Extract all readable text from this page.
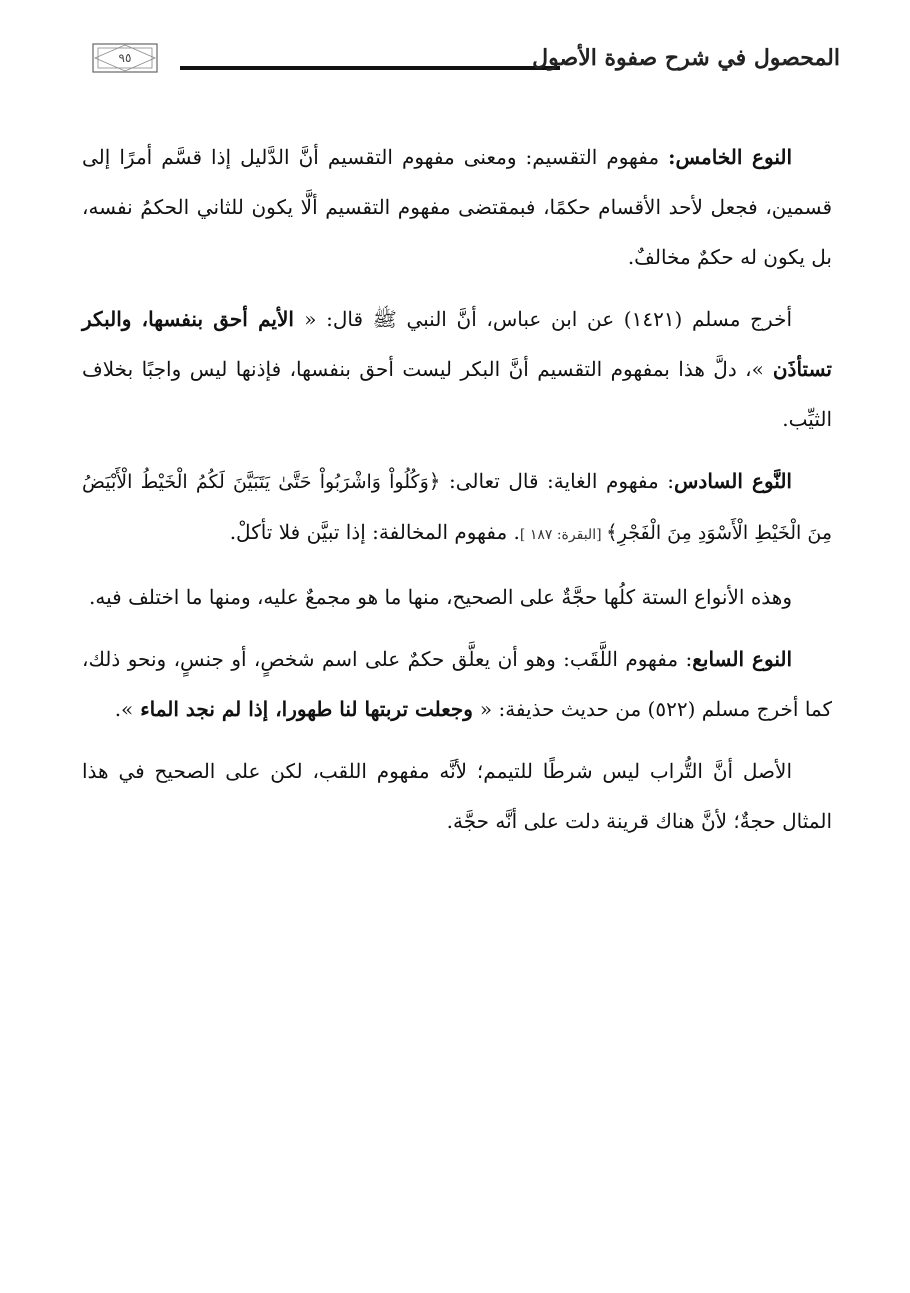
٩٥	المحصول في شرح صفوة الأصول

النوع الخامس: مفهوم التقسيم: ومعنى مفهوم التقسيم أنَّ الدَّليل إذا قسَّم أمرًا إلى قسمين، فجعل لأحد الأقسام حكمًا، فبمقتضى مفهوم التقسيم ألَّا يكون للثاني الحكمُ نفسه، بل يكون له حكمٌ مخالفٌ.

أخرج مسلم (١٤٢١) عن ابن عباس، أنَّ النبي ﷺ قال: « الأيم أحق بنفسها، والبكر تستأذَن »، دلَّ هذا بمفهوم التقسيم أنَّ البكر ليست أحق بنفسها، فإذنها ليس واجبًا بخلاف الثيِّب.

النَّوع السادس: مفهوم الغاية: قال تعالى: ﴿وَكُلُواْ وَاشْرَبُواْ حَتَّىٰ يَتَبَيَّنَ لَكُمُ الْخَيْطُ الْأَبْيَضُ مِنَ الْخَيْطِ الْأَسْوَدِ مِنَ الْفَجْرِ﴾ [البقرة: ١٨٧ ]. مفهوم المخالفة: إذا تبيَّن فلا تأكلْ.

وهذه الأنواع الستة كلُها حجَّةٌ على الصحيح، منها ما هو مجمعٌ عليه، ومنها ما اختلف فيه.

النوع السابع: مفهوم اللَّقَب: وهو أن يعلَّق حكمٌ على اسم شخصٍ، أو جنسٍ، ونحو ذلك، كما أخرج مسلم (٥٢٢) من حديث حذيفة: « وجعلت تربتها لنا طهورا، إذا لم نجد الماء ».

الأصل أنَّ التُّراب ليس شرطًا للتيمم؛ لأنَّه مفهوم اللقب، لكن على الصحيح في هذا المثال حجةٌ؛ لأنَّ هناك قرينة دلت على أنَّه حجَّة.
